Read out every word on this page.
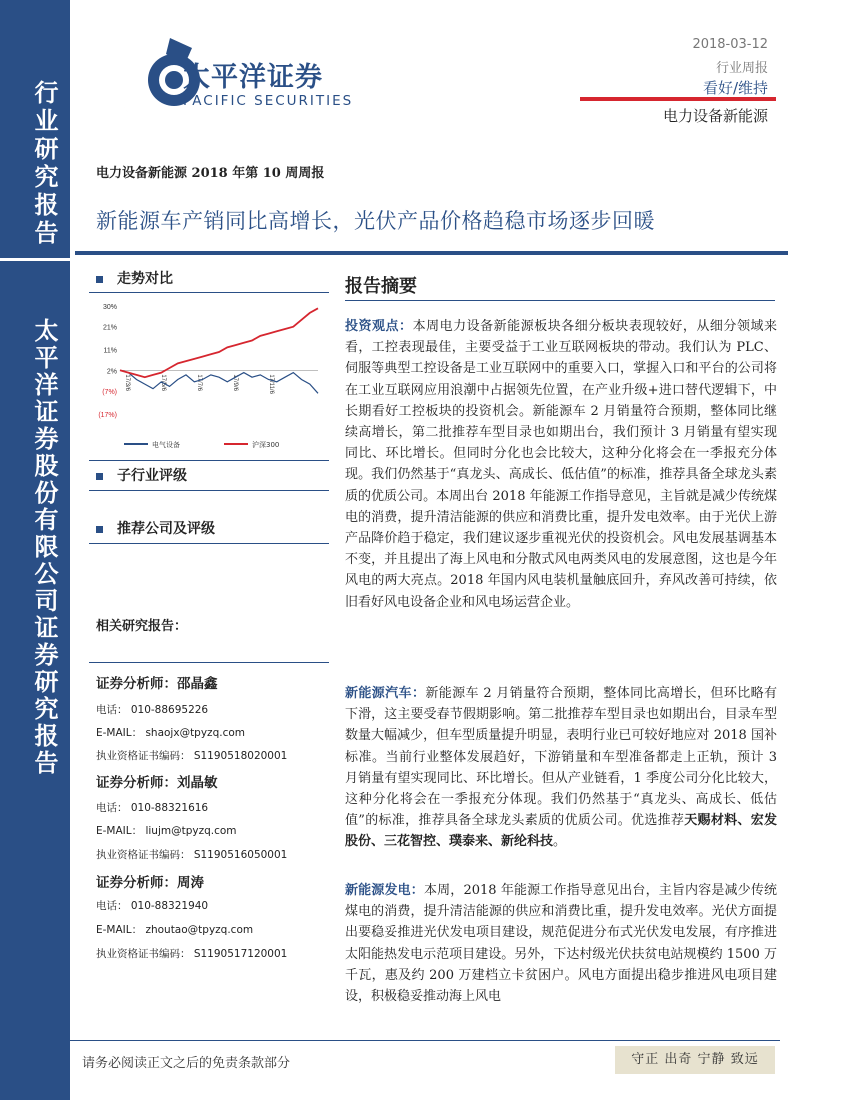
行业研究报告
太平洋证券股份有限公司证券研究报告
太平洋证券
PACIFIC SECURITIES
2018-03-12
行业周报
看好/维持
电力设备新能源
电力设备新能源 2018 年第 10 周周报
新能源车产销同比高增长，光伏产品价格趋稳市场逐步回暖
走势对比
30%
21%
11%
2%
(7%)
(17%)
17/3/6	17/5/6	17/7/6	17/9/6	17/11/6
电气设备	沪深300
子行业评级
推荐公司及评级
相关研究报告：
证券分析师：邵晶鑫
电话： 010-88695226
E-MAIL： shaojx@tpyzq.com
执业资格证书编码： S1190518020001
证券分析师：刘晶敏
电话： 010-88321616
E-MAIL： liujm@tpyzq.com
执业资格证书编码： S1190516050001
证券分析师：周涛
电话： 010-88321940
E-MAIL： zhoutao@tpyzq.com
执业资格证书编码： S1190517120001
报告摘要
投资观点：本周电力设备新能源板块各细分板块表现较好，从细分领域来看，工控表现最佳，主要受益于工业互联网板块的带动。我们认为 PLC、伺服等典型工控设备是工业互联网中的重要入口，掌握入口和平台的公司将在工业互联网应用浪潮中占据领先位置，在产业升级+进口替代逻辑下，中长期看好工控板块的投资机会。新能源车 2 月销量符合预期，整体同比继续高增长，第二批推荐车型目录也如期出台，我们预计 3 月销量有望实现同比、环比增长。但同时分化也会比较大，这种分化将会在一季报充分体现。我们仍然基于“真龙头、高成长、低估值”的标准，推荐具备全球龙头素质的优质公司。本周出台 2018 年能源工作指导意见，主旨就是减少传统煤电的消费，提升清洁能源的供应和消费比重，提升发电效率。由于光伏上游产品降价趋于稳定，我们建议逐步重视光伏的投资机会。风电发展基调基本不变，并且提出了海上风电和分散式风电两类风电的发展意图，这也是今年风电的两大亮点。2018 年国内风电装机量触底回升，弃风改善可持续，依旧看好风电设备企业和风电场运营企业。
新能源汽车：新能源车 2 月销量符合预期，整体同比高增长，但环比略有下滑，这主要受春节假期影响。第二批推荐车型目录也如期出台，目录车型数量大幅减少，但车型质量提升明显，表明行业已可较好地应对 2018 国补标准。当前行业整体发展趋好，下游销量和车型准备都走上正轨，预计 3 月销量有望实现同比、环比增长。但从产业链看，1 季度公司分化比较大，这种分化将会在一季报充分体现。我们仍然基于“真龙头、高成长、低估值”的标准，推荐具备全球龙头素质的优质公司。优选推荐天赐材料、宏发股份、三花智控、璞泰来、新纶科技。
新能源发电：本周，2018 年能源工作指导意见出台，主旨内容是减少传统煤电的消费，提升清洁能源的供应和消费比重，提升发电效率。光伏方面提出要稳妥推进光伏发电项目建设，规范促进分布式光伏发电发展，有序推进太阳能热发电示范项目建设。另外，下达村级光伏扶贫电站规模约 1500 万千瓦，惠及约 200 万建档立卡贫困户。风电方面提出稳步推进风电项目建设，积极稳妥推动海上风电
请务必阅读正文之后的免责条款部分	守正 出奇 宁静 致远
